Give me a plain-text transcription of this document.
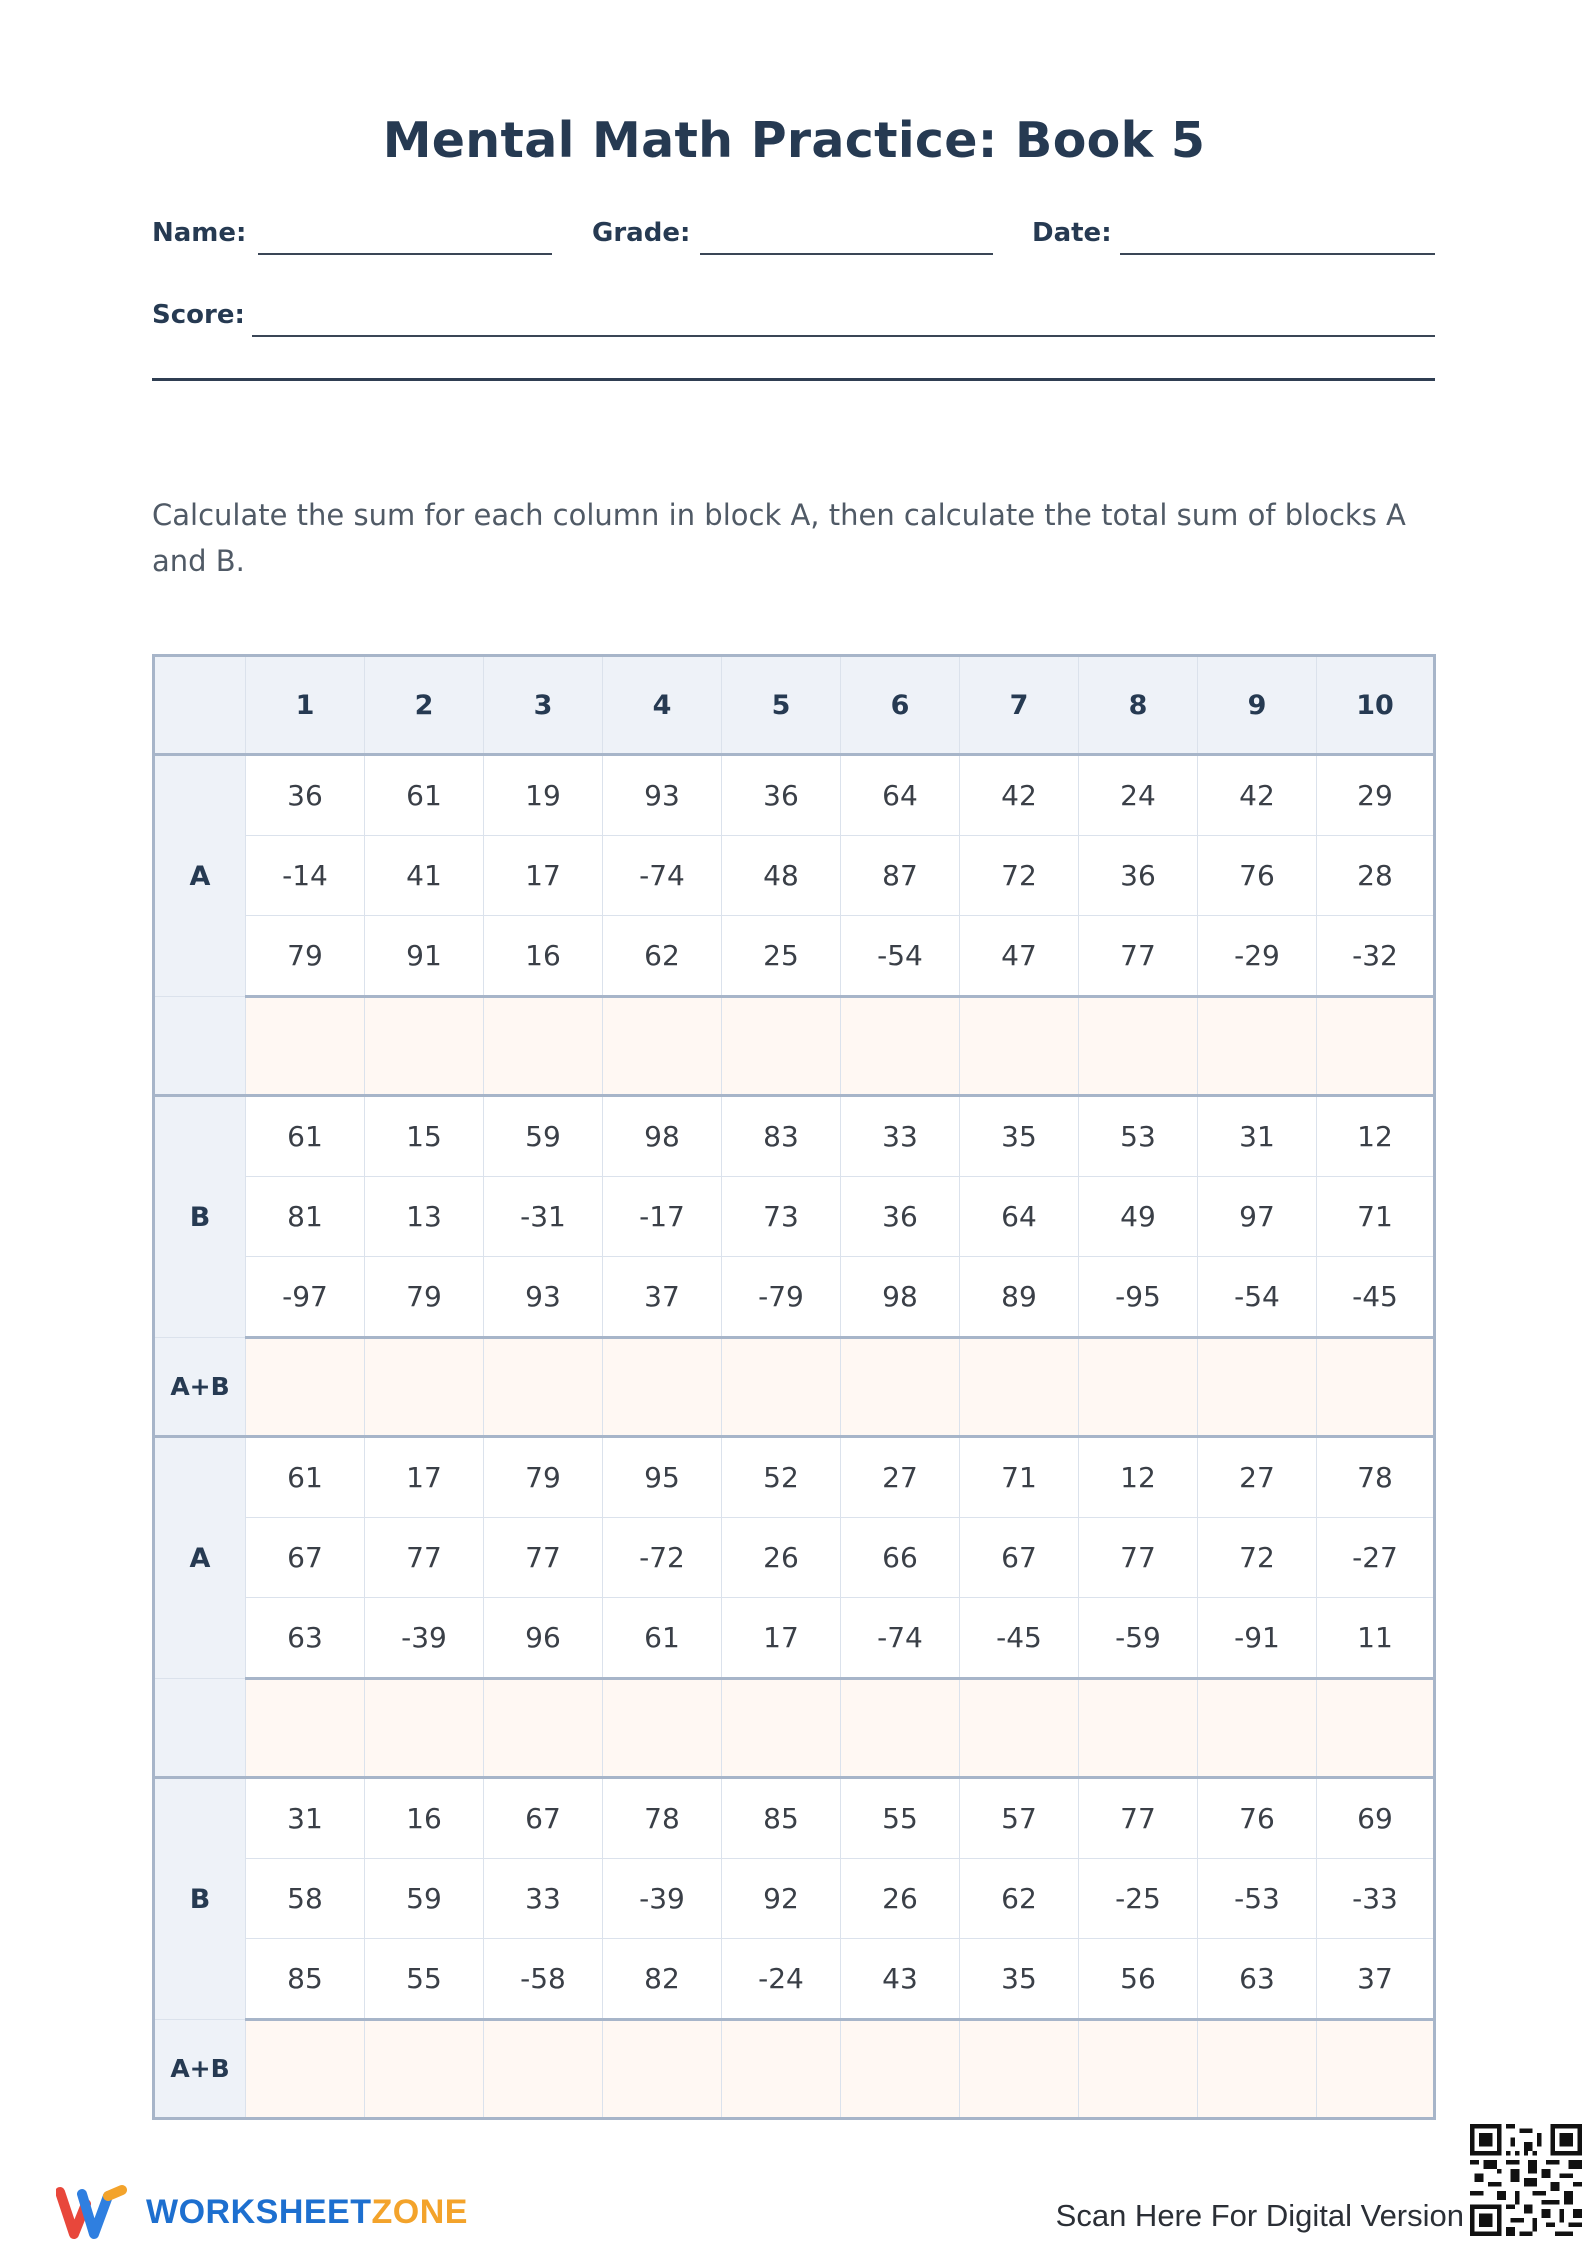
Mental Math Practice: Book 5
Name:	Grade:	Date:
Score:
Calculate the sum for each column in block A, then calculate the total sum of blocks A and B.
	1	2	3	4	5	6	7	8	9	10
A	36	61	19	93	36	64	42	24	42	29
	-14	41	17	-74	48	87	72	36	76	28
	79	91	16	62	25	-54	47	77	-29	-32

B	61	15	59	98	83	33	35	53	31	12
	81	13	-31	-17	73	36	64	49	97	71
	-97	79	93	37	-79	98	89	-95	-54	-45
A+B										
A	61	17	79	95	52	27	71	12	27	78
	67	77	77	-72	26	66	67	77	72	-27
	63	-39	96	61	17	-74	-45	-59	-91	11

B	31	16	67	78	85	55	57	77	76	69
	58	59	33	-39	92	26	62	-25	-53	-33
	85	55	-58	82	-24	43	35	56	63	37
A+B										
WORKSHEETZONE	Scan Here For Digital Version
